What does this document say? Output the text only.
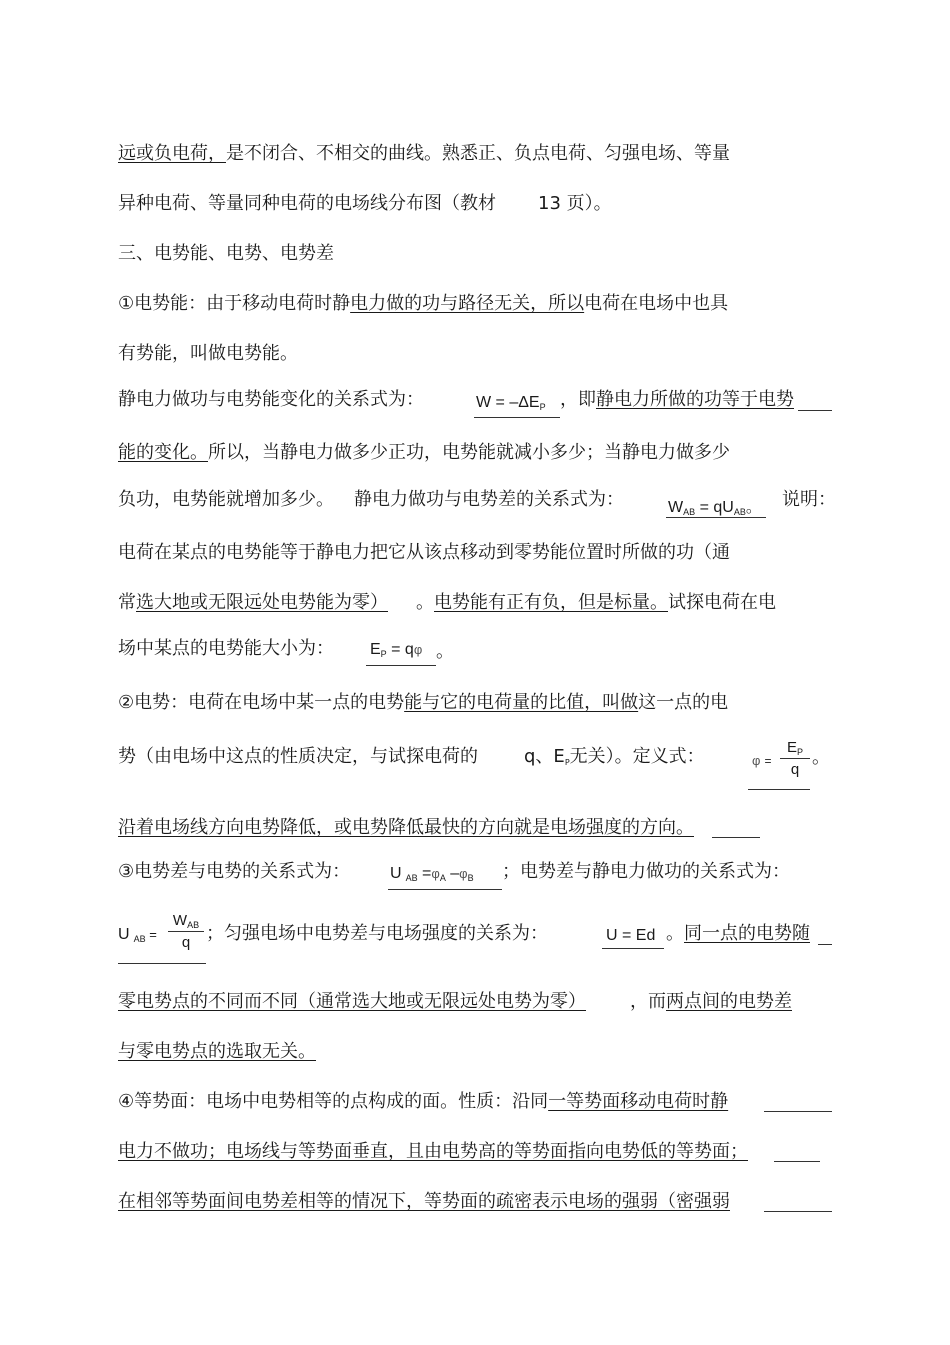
远或负电荷，是不闭合、不相交的曲线。熟悉正、负点电荷、匀强电场、等量
异种电荷、等量同种电荷的电场线分布图（教材 13 页）。
三、电势能、电势、电势差
①电势能：由于移动电荷时静电力做的功与路径无关，所以电荷在电场中也具
有势能，叫做电势能。
静电力做功与电势能变化的关系式为：	W = –ΔEP ，即静电力所做的功等于电势
能的变化。所以，当静电力做多少正功，电势能就减小多少；当静电力做多少
负功，电势能就增加多少。 静电力做功与电势差的关系式为：	WAB = qUAB。 说明：
电荷在某点的电势能等于静电力把它从该点移动到零势能位置时所做的功（通
常选大地或无限远处电势能为零） 。电势能有正有负，但是标量。试探电荷在电
场中某点的电势能大小为： EP = qφ 。
②电势：电荷在电场中某一点的电势能与它的电荷量的比值，叫做这一点的电
势（由电场中这点的性质决定，与试探电荷的	q、EP无关）。定义式：	φ =
$E_P$
q
。
沿着电场线方向电势降低，或电势降低最快的方向就是电场强度的方向。
③电势差与电势的关系式为： UAB =φA –φB ；电势差与静电力做功的关系式为：
UAB =
$W_{AB}$
q ；匀强电场中电势差与电场强度的关系为：	U = Ed 。同一点的电势随
零电势点的不同而不同（通常选大地或无限远处电势为零） ，而两点间的电势差
与零电势点的选取无关。
④等势面：电场中电势相等的点构成的面。性质：沿同一等势面移动电荷时静
电力不做功；电场线与等势面垂直，且由电势高的等势面指向电势低的等势面；
在相邻等势面间电势差相等的情况下，等势面的疏密表示电场的强弱（密强弱
